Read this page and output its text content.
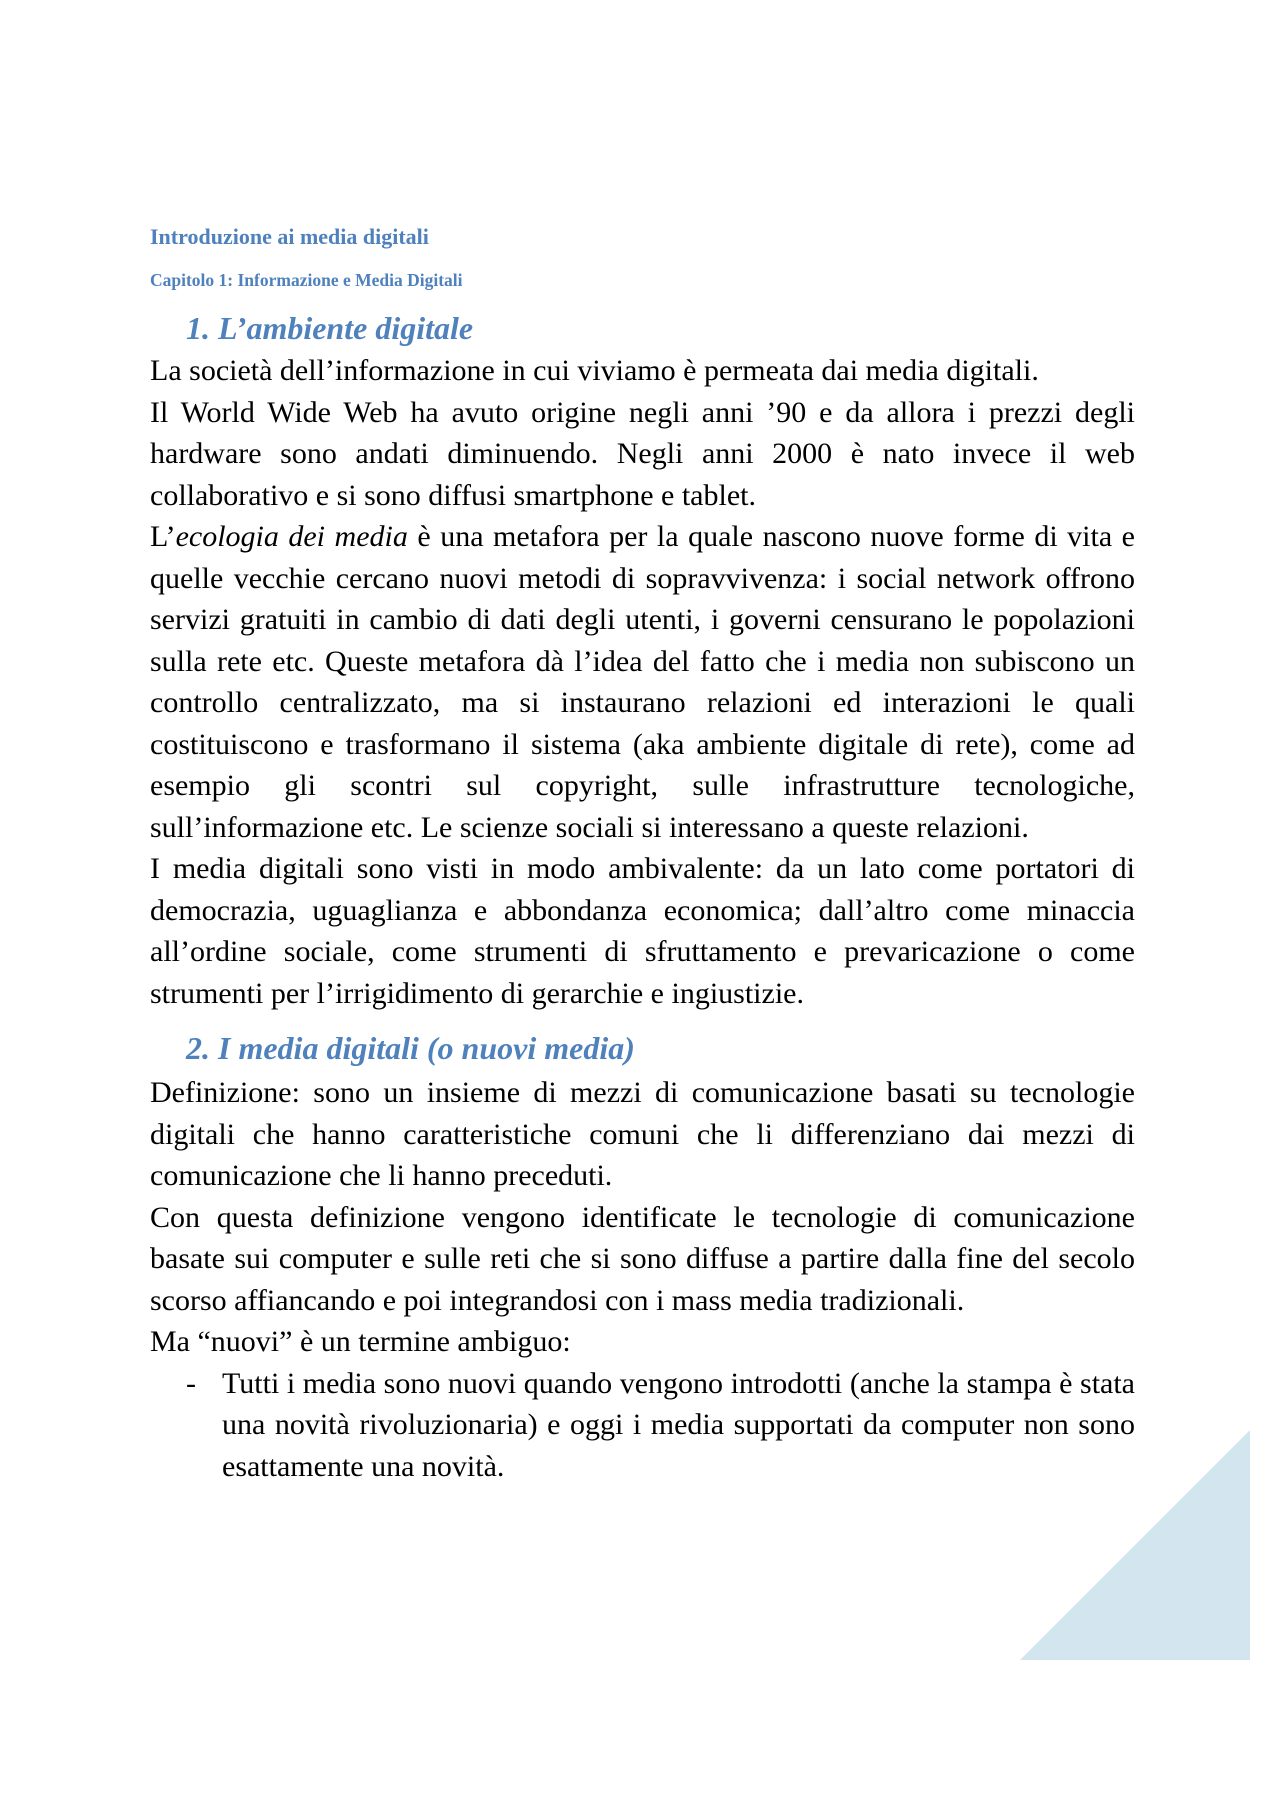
Introduzione ai media digitali
Capitolo 1: Informazione e Media Digitali
1. L’ambiente digitale

La società dell’informazione in cui viviamo è permeata dai media digitali.

Il World Wide Web ha avuto origine negli anni ’90 e da allora i prezzi degli hardware sono andati diminuendo. Negli anni 2000 è nato invece il web collaborativo e si sono diffusi smartphone e tablet.

L’ecologia dei media è una metafora per la quale nascono nuove forme di vita e quelle vecchie cercano nuovi metodi di sopravvivenza: i social network offrono servizi gratuiti in cambio di dati degli utenti, i governi censurano le popolazioni sulla rete etc. Queste metafora dà l’idea del fatto che i media non subiscono un controllo centralizzato, ma si instaurano relazioni ed interazioni le quali costituiscono e trasformano il sistema (aka ambiente digitale di rete), come ad esempio gli scontri sul copyright, sulle infrastrutture tecnologiche, sull’informazione etc. Le scienze sociali si interessano a queste relazioni.

I media digitali sono visti in modo ambivalente: da un lato come portatori di democrazia, uguaglianza e abbondanza economica; dall’altro come minaccia all’ordine sociale, come strumenti di sfruttamento e prevaricazione o come strumenti per l’irrigidimento di gerarchie e ingiustizie.

2. I media digitali (o nuovi media)

Definizione: sono un insieme di mezzi di comunicazione basati su tecnologie digitali che hanno caratteristiche comuni che li differenziano dai mezzi di comunicazione che li hanno preceduti.

Con questa definizione vengono identificate le tecnologie di comunicazione basate sui computer e sulle reti che si sono diffuse a partire dalla fine del secolo scorso affiancando e poi integrandosi con i mass media tradizionali.

Ma “nuovi” è un termine ambiguo:

- Tutti i media sono nuovi quando vengono introdotti (anche la stampa è stata una novità rivoluzionaria) e oggi i media supportati da computer non sono esattamente una novità.
